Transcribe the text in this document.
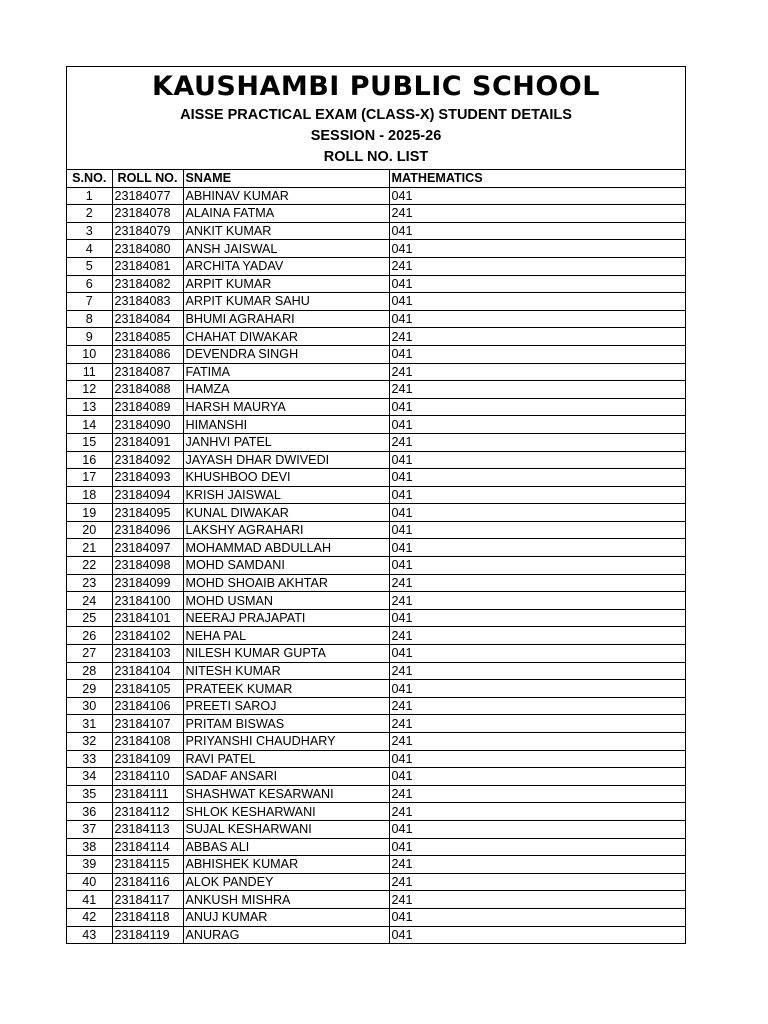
KAUSHAMBI PUBLIC SCHOOL
AISSE PRACTICAL EXAM (CLASS-X) STUDENT DETAILS
SESSION - 2025-26
ROLL NO. LIST
S.NO.	ROLL NO.	SNAME	MATHEMATICS
1	23184077	ABHINAV KUMAR	041
2	23184078	ALAINA FATMA	241
3	23184079	ANKIT KUMAR	041
4	23184080	ANSH JAISWAL	041
5	23184081	ARCHITA YADAV	241
6	23184082	ARPIT KUMAR	041
7	23184083	ARPIT KUMAR SAHU	041
8	23184084	BHUMI AGRAHARI	041
9	23184085	CHAHAT DIWAKAR	241
10	23184086	DEVENDRA SINGH	041
11	23184087	FATIMA	241
12	23184088	HAMZA	241
13	23184089	HARSH MAURYA	041
14	23184090	HIMANSHI	041
15	23184091	JANHVI PATEL	241
16	23184092	JAYASH DHAR DWIVEDI	041
17	23184093	KHUSHBOO DEVI	041
18	23184094	KRISH JAISWAL	041
19	23184095	KUNAL DIWAKAR	041
20	23184096	LAKSHY AGRAHARI	041
21	23184097	MOHAMMAD ABDULLAH	041
22	23184098	MOHD SAMDANI	041
23	23184099	MOHD SHOAIB AKHTAR	241
24	23184100	MOHD USMAN	241
25	23184101	NEERAJ PRAJAPATI	041
26	23184102	NEHA PAL	241
27	23184103	NILESH KUMAR GUPTA	041
28	23184104	NITESH KUMAR	241
29	23184105	PRATEEK KUMAR	041
30	23184106	PREETI SAROJ	241
31	23184107	PRITAM BISWAS	241
32	23184108	PRIYANSHI CHAUDHARY	241
33	23184109	RAVI PATEL	041
34	23184110	SADAF ANSARI	041
35	23184111	SHASHWAT KESARWANI	241
36	23184112	SHLOK KESHARWANI	241
37	23184113	SUJAL KESHARWANI	041
38	23184114	ABBAS ALI	041
39	23184115	ABHISHEK KUMAR	241
40	23184116	ALOK PANDEY	241
41	23184117	ANKUSH MISHRA	241
42	23184118	ANUJ KUMAR	041
43	23184119	ANURAG	041
